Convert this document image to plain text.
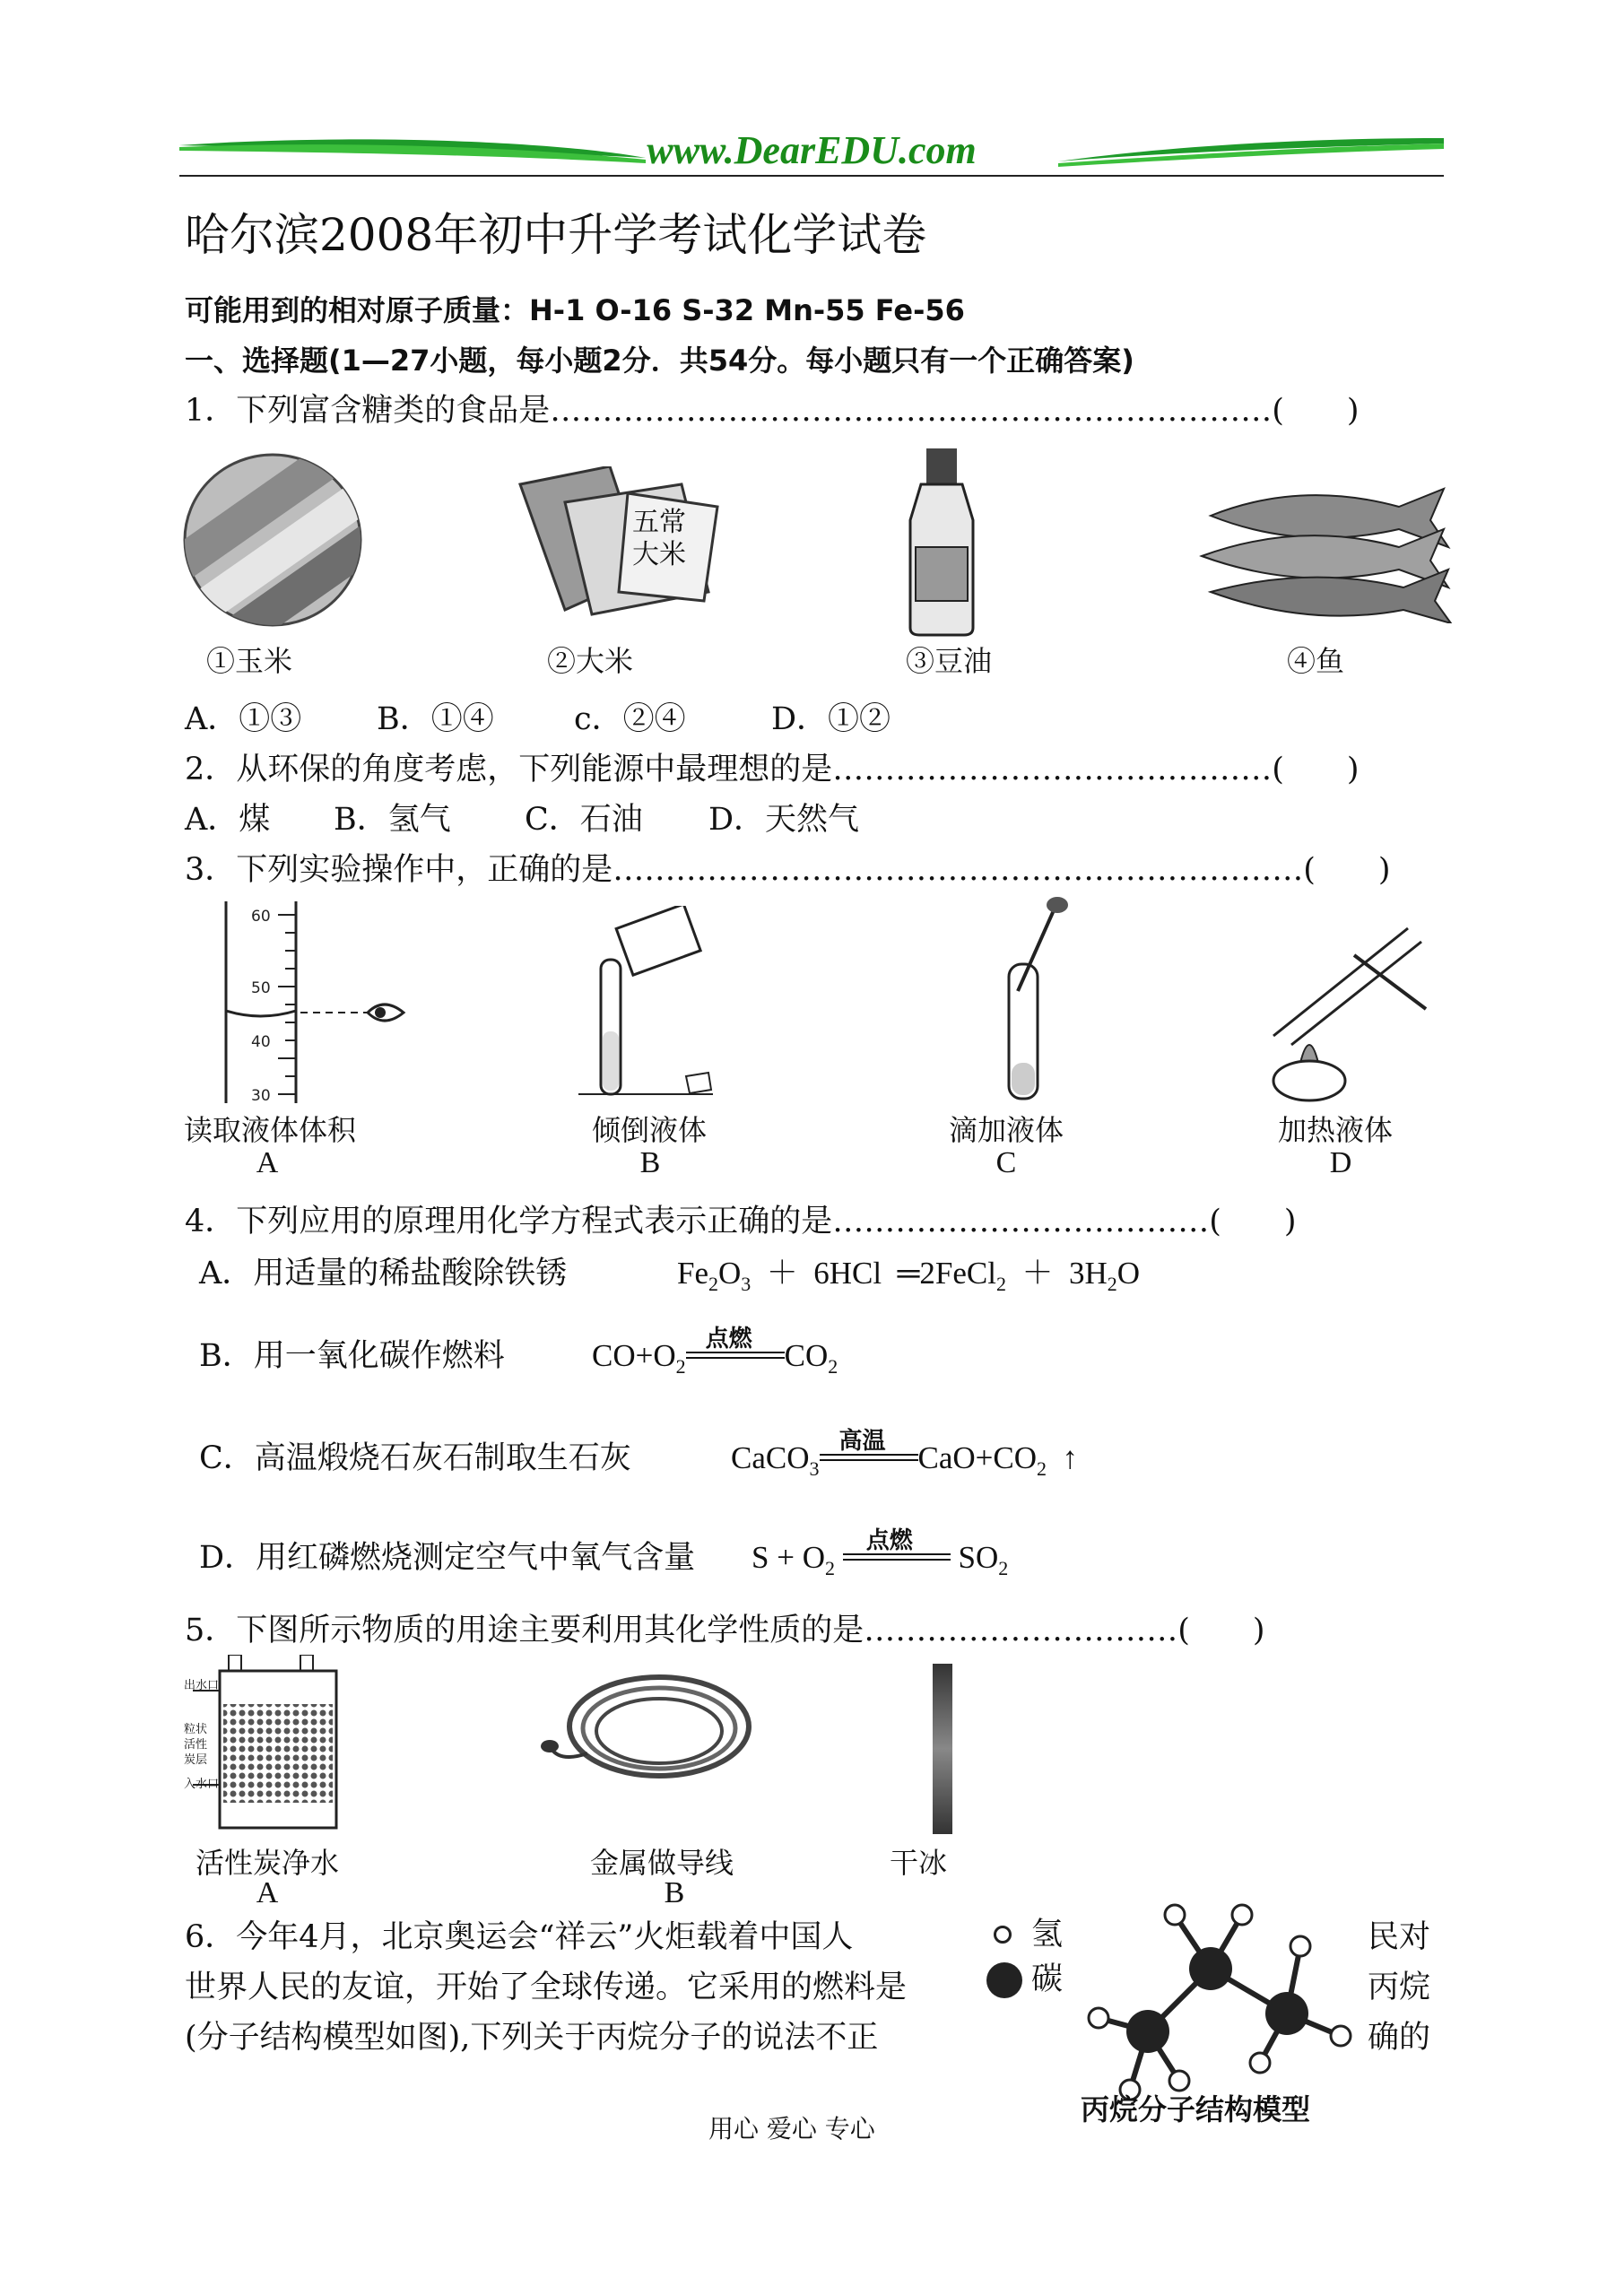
www.DearEDU.com
哈尔滨2008年初中升学考试化学试卷
可能用到的相对原子质量：H-1 O-16 S-32 Mn-55 Fe-56
一、选择题(1—27小题，每小题2分．共54分。每小题只有一个正确答案)
1．下列富含糖类的食品是……………………………………………………………(　　)
五常大米
①玉米	②大米	③豆油	④鱼
A．①③ B．①④	c．②④	D．①②
2．从环保的角度考虑，下列能源中最理想的是……………………………………(　　)
A．煤 B．氢气 C．石油 D．天然气
3．下列实验操作中，正确的是…………………………………………………………(　　)
60
50
40
30
读取液体体积	倾倒液体	滴加液体	加热液体
A	B	C	D
4．下列应用的原理用化学方程式表示正确的是………………………………(　　)
A．用适量的稀盐酸除铁锈	$Fe_2O_3 + 6HCl$  ═2FeCl$_2$  ＋  $3H_2O$
B．用一氧化碳作燃料	$CO+O_2$
点燃 $CO_2$
C．高温煅烧石灰石制取生石灰	CaCO$_3$
高温 $CaO+CO_2$  ↑
D．用红磷燃烧测定空气中氧气含量 $S + O_2$
点燃 $SO_2$
5．下图所示物质的用途主要利用其化学性质的是…………………………(　　)
出水口
粒状活性炭层
入水口
活性炭净水	金属做导线	干冰
A	B
6．今年4月，北京奥运会“祥云”火炬载着中国人	民对
世界人民的友谊，开始了全球传递。它采用的燃料是	丙烷
(分子结构模型如图),下列关于丙烷分子的说法不正	确的
氢
碳
丙烷分子结构模型
用心 爱心 专心
